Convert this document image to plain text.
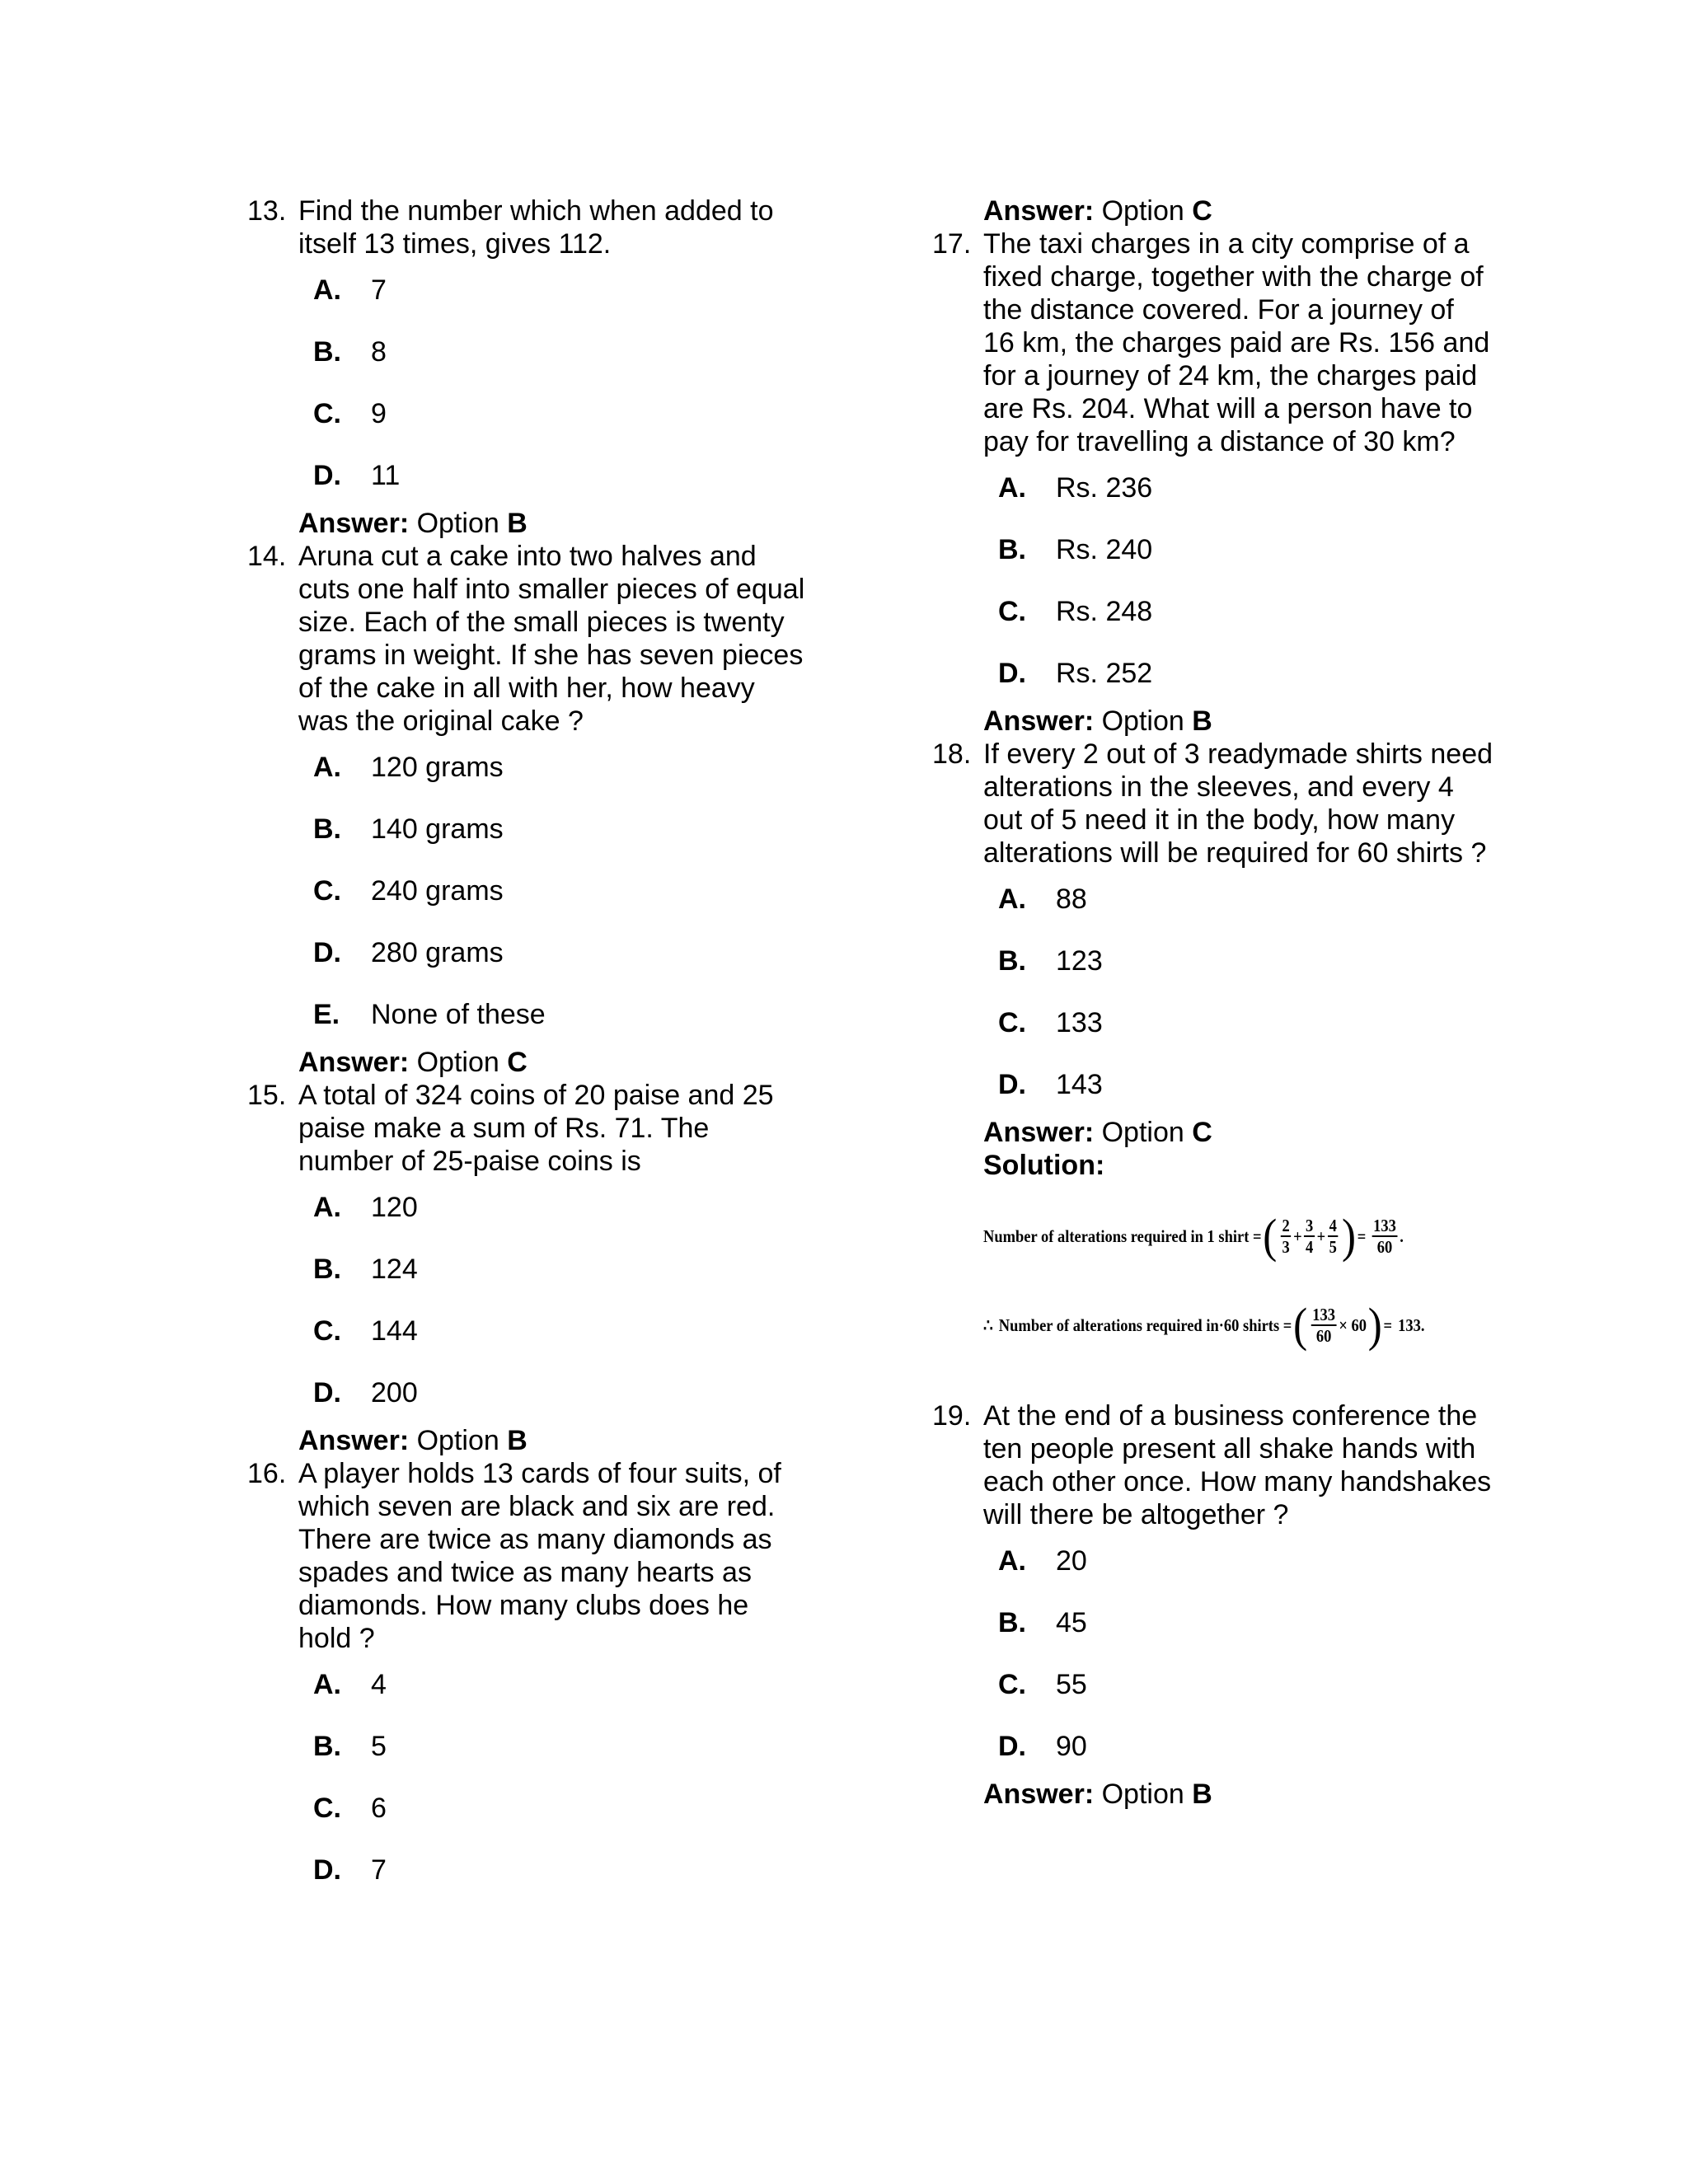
13. Find the number which when added to itself 13 times, gives 112.
A.	7
B.	8
C.	9
D.	11
Answer: Option B
14. Aruna cut a cake into two halves and cuts one half into smaller pieces of equal size. Each of the small pieces is twenty grams in weight. If she has seven pieces of the cake in all with her, how heavy was the original cake ?
A.	120 grams
B.	140 grams
C.	240 grams
D.	280 grams
E.	None of these
Answer: Option C
15. A total of 324 coins of 20 paise and 25 paise make a sum of Rs. 71. The number of 25-paise coins is
A.	120
B.	124
C.	144
D.	200
Answer: Option B
16. A player holds 13 cards of four suits, of which seven are black and six are red. There are twice as many diamonds as spades and twice as many hearts as diamonds. How many clubs does he hold ?
A.	4
B.	5
C.	6
D.	7
Answer: Option C
17. The taxi charges in a city comprise of a fixed charge, together with the charge of the distance covered. For a journey of 16 km, the charges paid are Rs. 156 and for a journey of 24 km, the charges paid are Rs. 204. What will a person have to pay for travelling a distance of 30 km?
A.	Rs. 236
B.	Rs. 240
C.	Rs. 248
D.	Rs. 252
Answer: Option B
18. If every 2 out of 3 readymade shirts need alterations in the sleeves, and every 4 out of 5 need it in the body, how many alterations will be required for 60 shirts ?
A.	88
B.	123
C.	133
D.	143
Answer: Option C
Solution:
Number of alterations required in 1 shirt = ( $\frac{2}{3} + \frac{3}{4} + \frac{4}{5}$ ) = $\frac{133}{60}$ .
∴ Number of alterations required in·60 shirts = ( $\frac{133}{60} \times 60$ ) = 133.
19. At the end of a business conference the ten people present all shake hands with each other once. How many handshakes will there be altogether ?
A.	20
B.	45
C.	55
D.	90
Answer: Option B
